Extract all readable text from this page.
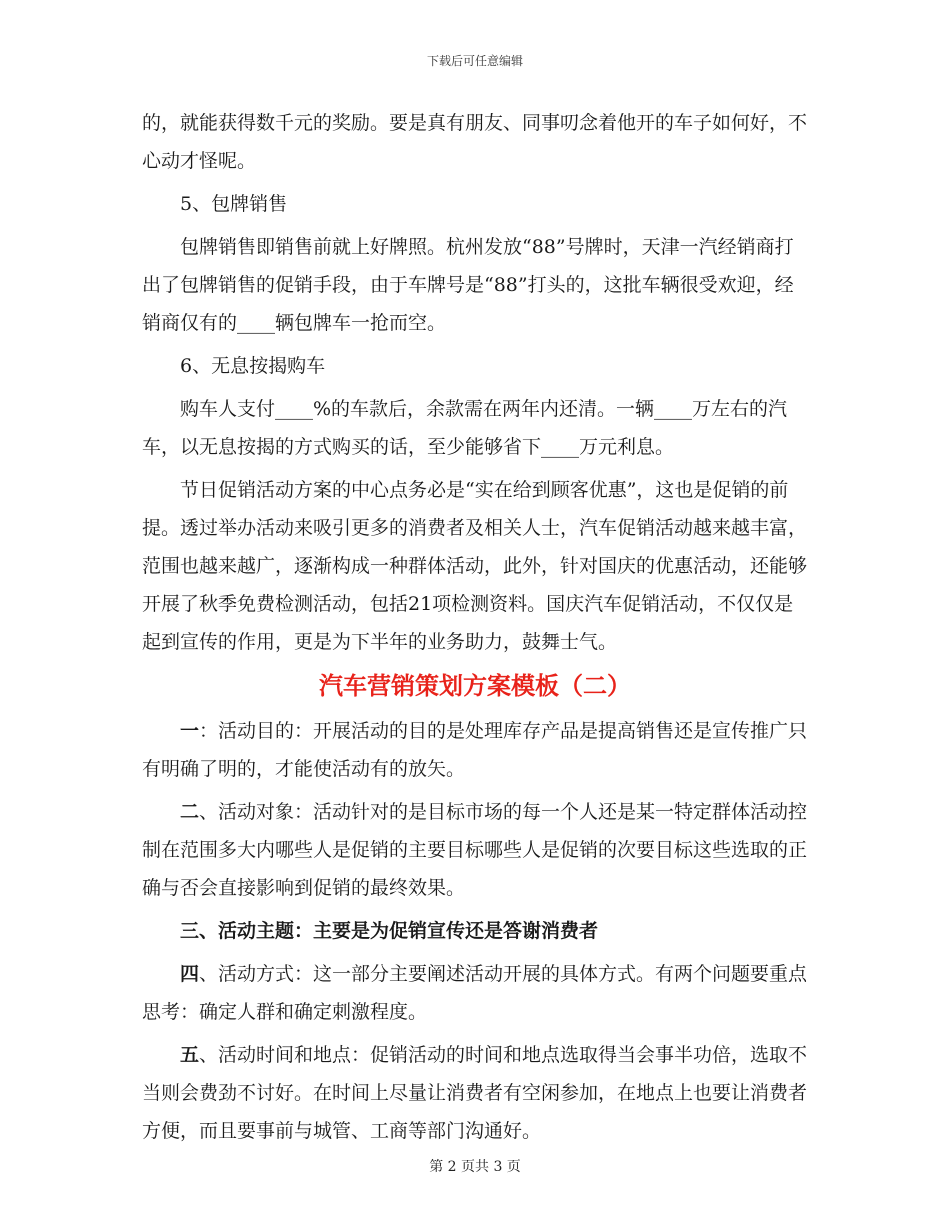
下载后可任意编辑

的，就能获得数千元的奖励。要是真有朋友、同事叨念着他开的车子如何好，不心动才怪呢。

5、包牌销售

包牌销售即销售前就上好牌照。杭州发放“88”号牌时，天津一汽经销商打出了包牌销售的促销手段，由于车牌号是“88”打头的，这批车辆很受欢迎，经销商仅有的____辆包牌车一抢而空。

6、无息按揭购车

购车人支付____%的车款后，余款需在两年内还清。一辆____万左右的汽车，以无息按揭的方式购买的话，至少能够省下____万元利息。

节日促销活动方案的中心点务必是“实在给到顾客优惠”，这也是促销的前提。透过举办活动来吸引更多的消费者及相关人士，汽车促销活动越来越丰富，范围也越来越广，逐渐构成一种群体活动，此外，针对国庆的优惠活动，还能够开展了秋季免费检测活动，包括21项检测资料。国庆汽车促销活动，不仅仅是起到宣传的作用，更是为下半年的业务助力，鼓舞士气。

汽车营销策划方案模板（二）

一：活动目的：开展活动的目的是处理库存产品是提高销售还是宣传推广只有明确了明的，才能使活动有的放矢。

二、活动对象：活动针对的是目标市场的每一个人还是某一特定群体活动控制在范围多大内哪些人是促销的主要目标哪些人是促销的次要目标这些选取的正确与否会直接影响到促销的最终效果。

三、活动主题：主要是为促销宣传还是答谢消费者

四、活动方式：这一部分主要阐述活动开展的具体方式。有两个问题要重点思考：确定人群和确定刺激程度。

五、活动时间和地点：促销活动的时间和地点选取得当会事半功倍，选取不当则会费劲不讨好。在时间上尽量让消费者有空闲参加，在地点上也要让消费者方便，而且要事前与城管、工商等部门沟通好。

第 2 页共 3 页
